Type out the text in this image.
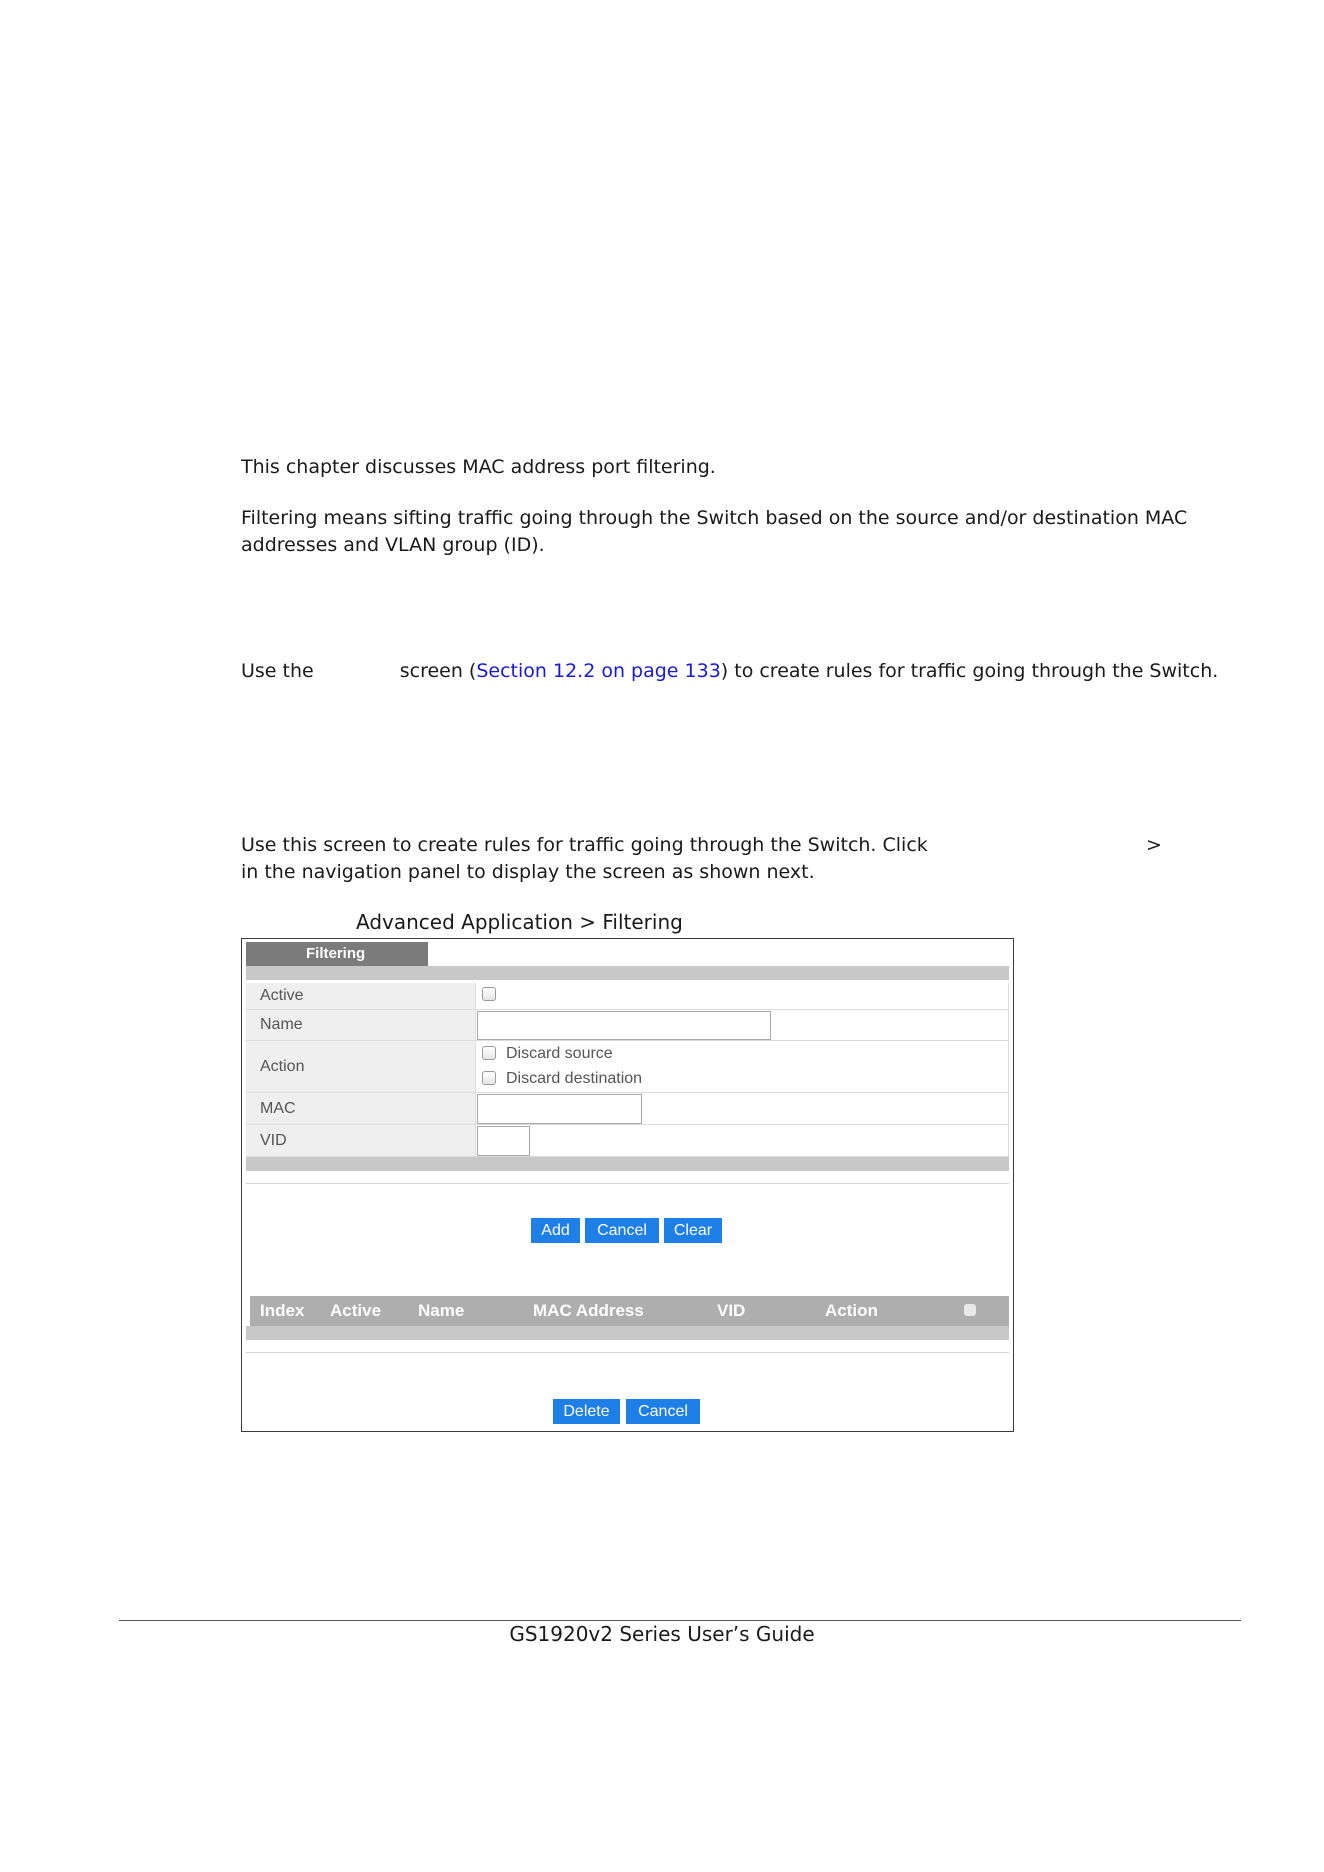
This chapter discusses MAC address port filtering.
Filtering means sifting traffic going through the Switch based on the source and/or destination MAC
addresses and VLAN group (ID).
Use the	screen (Section 12.2 on page 133) to create rules for traffic going through the Switch.
Use this screen to create rules for traffic going through the Switch. Click	>
in the navigation panel to display the screen as shown next.
Advanced Application > Filtering
Filtering
Active
Name
Action
Discard source
Discard destination
MAC
VID
Add	Cancel	Clear
Index Active Name	MAC Address	VID	Action
Delete	Cancel
GS1920v2 Series User’s Guide
